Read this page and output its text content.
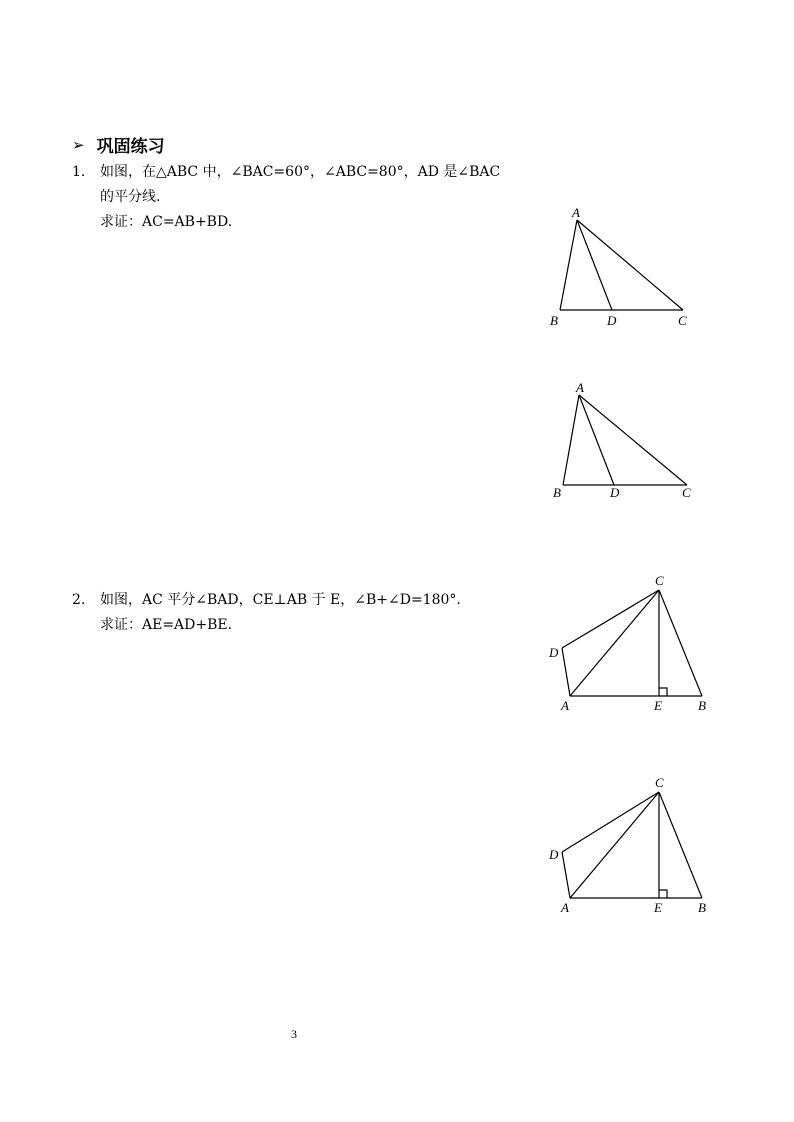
➢ 巩固练习
1. 如图，在△ABC 中，∠BAC=60°，∠ABC=80°，AD 是∠BAC
的平分线.
求证：AC=AB+BD.
A
B	D	C
A
B	D	C
2. 如图，AC 平分∠BAD，CE⊥AB 于 E，∠B+∠D=180°.
求证：AE=AD+BE.
C
D
A	E	B
C
D
A	E	B
3
